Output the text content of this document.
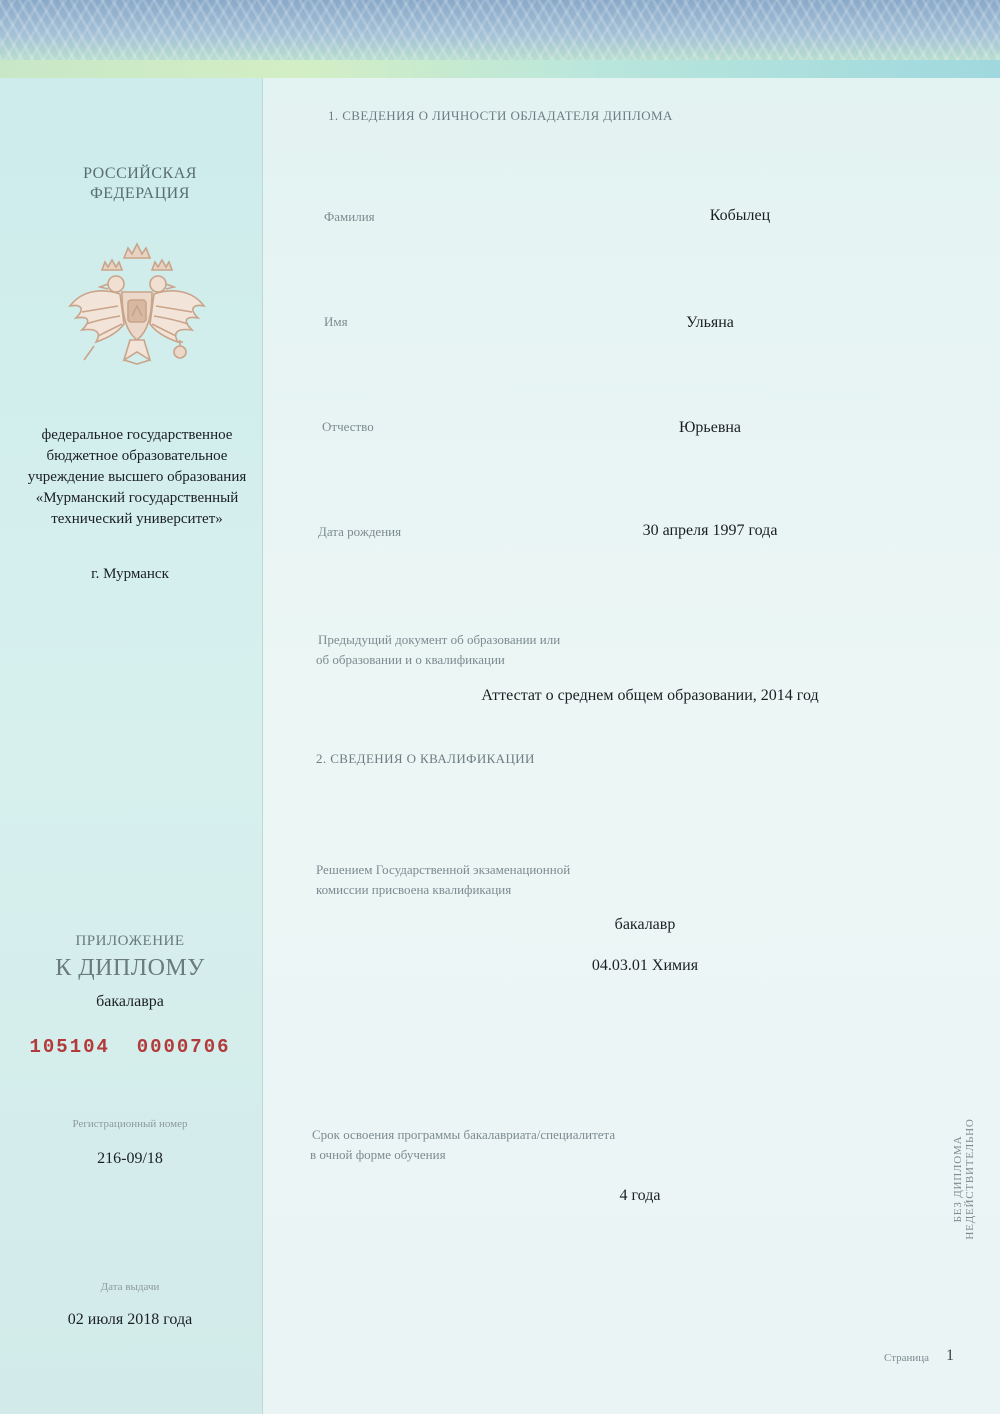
РОССИЙСКАЯ
ФЕДЕРАЦИЯ
федеральное государственное
бюджетное образовательное
учреждение высшего образования
«Мурманский государственный
технический университет»
г. Мурманск
ПРИЛОЖЕНИЕ
К ДИПЛОМУ
бакалавра
105104  0000706
Регистрационный номер
216-09/18
Дата выдачи
02 июля 2018 года
1. СВЕДЕНИЯ О ЛИЧНОСТИ ОБЛАДАТЕЛЯ ДИПЛОМА
Фамилия	Кобылец
Имя	Ульяна
Отчество	Юрьевна
Дата рождения	30 апреля 1997 года
Предыдущий документ об образовании или
об образовании и о квалификации
Аттестат о среднем общем образовании, 2014 год
2. СВЕДЕНИЯ О КВАЛИФИКАЦИИ
Решением Государственной экзаменационной
комиссии присвоена квалификация
бакалавр
04.03.01 Химия
Срок освоения программы бакалавриата/специалитета
в очной форме обучения
4 года	БЕЗ ДИПЛОМА НЕДЕЙСТВИТЕЛЬНО
Страница 1
